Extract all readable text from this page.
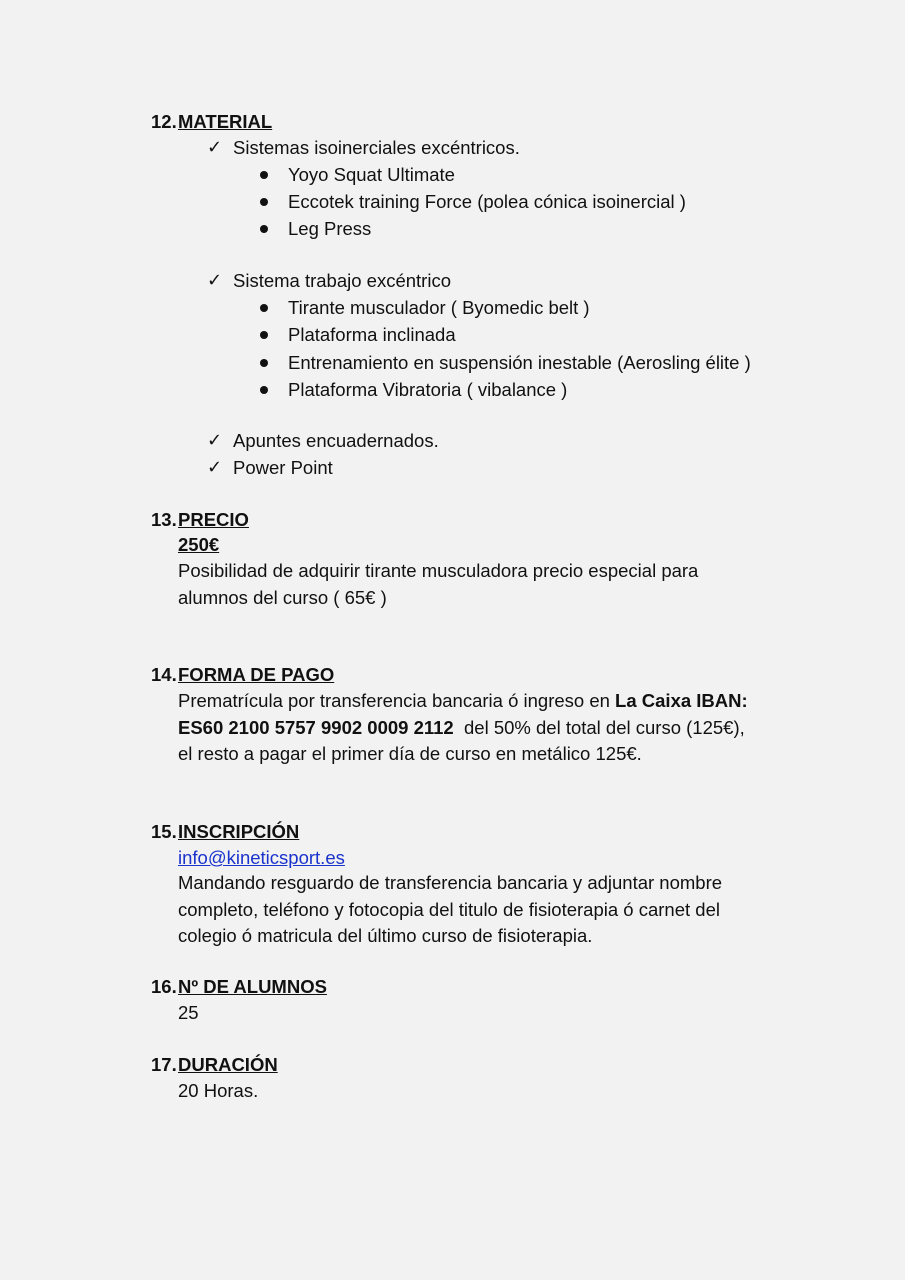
12. MATERIAL
✓ Sistemas isoinerciales excéntricos.
Yoyo Squat Ultimate
Eccotek training Force (polea cónica isoinercial )
Leg Press
✓ Sistema trabajo excéntrico
Tirante musculador ( Byomedic belt )
Plataforma inclinada
Entrenamiento en suspensión inestable (Aerosling élite )
Plataforma Vibratoria ( vibalance )
✓ Apuntes encuadernados.
✓ Power Point
13. PRECIO
250€
Posibilidad de adquirir tirante musculadora precio especial para
alumnos del curso ( 65€ )
14. FORMA DE PAGO
Prematrícula por transferencia bancaria ó ingreso en La Caixa IBAN:
ES60 2100 5757 9902 0009 2112  del 50% del total del curso (125€),
el resto a pagar el primer día de curso en metálico 125€.
15. INSCRIPCIÓN
info@kineticsport.es
Mandando resguardo de transferencia bancaria y adjuntar nombre
completo, teléfono y fotocopia del titulo de fisioterapia ó carnet del
colegio ó matricula del último curso de fisioterapia.
16. Nº DE ALUMNOS
25
17. DURACIÓN
20 Horas.
